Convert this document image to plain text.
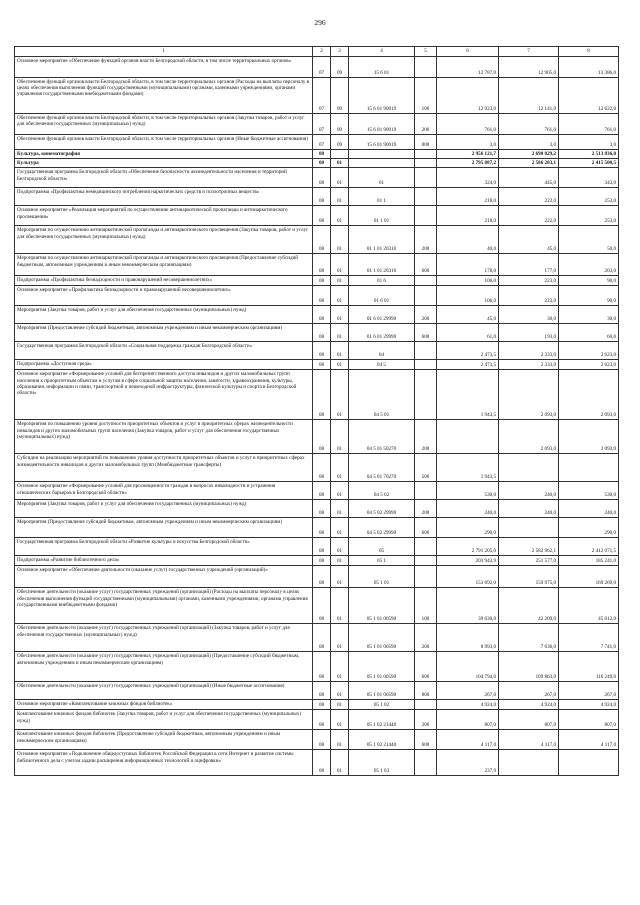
296
1	2	3	4	5	6	7	8
Основное мероприятие «Обеспечение функций органов власти Белгородской области, в том числе территориальных органов»	07	09	15 6 01		12 787,0	12 905,0	13 386,0
Обеспечение функций органов власти Белгородской области, в том числе территориальных органов (Расходы на выплаты персоналу в целях обеспечения выполнения функций государственными (муниципальными) органами, казенными учреждениями, органами управления государственными внебюджетными фондами)	07	09	15 6 01 90019	100	12 023,0	12 141,0	12 622,0
Обеспечение функций органов власти Белгородской области, в том числе территориальных органов (Закупка товаров, работ и услуг для обеспечения государственных (муниципальных) нужд)	07	09	15 6 01 90019	200	761,0	761,0	761,0
Обеспечение функций органов власти Белгородской области, в том числе территориальных органов (Иные бюджетные ассигнования)	07	09	15 6 01 90019	800	3,0	3,0	3,0
Культура, кинематография	08				2 956 121,7	2 690 029,2	2 513 836,0
Культура	08	01			2 795 887,2	2 586 203,1	2 415 500,5
Государственная программа Белгородской области «Обеспечение безопасности жизнедеятельности населения и территорий Белгородской области»	08	01	01		324,0	445,0	343,0
Подпрограмма «Профилактика немедицинского потребления наркотических средств и психотропных веществ»	08	01	01 1		218,0	222,0	253,0
Основное мероприятие «Реализация мероприятий по осуществлению антинаркотической пропаганды и антинаркотического просвещения»	08	01	01 1 01		218,0	222,0	253,0
Мероприятия по осуществлению антинаркотической пропаганды и антинаркотического просвещения (Закупка товаров, работ и услуг для обеспечения государственных (муниципальных) нужд)	08	01	01 1 01 20310	200	40,0	45,0	50,0
Мероприятия по осуществлению антинаркотической пропаганды и антинаркотического просвещения (Предоставление субсидий бюджетным, автономным учреждениям и иным некоммерческим организациям)	08	01	01 1 01 20310	600	178,0	177,0	203,0
Подпрограмма «Профилактика безнадзорности и правонарушений несовершеннолетних»	08	01	01 6		106,0	223,0	90,0
Основное мероприятие «Профилактика безнадзорности и правонарушений несовершеннолетних»	08	01	01 6 01		106,0	223,0	90,0
Мероприятия (Закупка товаров, работ и услуг для обеспечения государственных (муниципальных) нужд)	08	01	01 6 01 29990	200	45,0	30,0	30,0
Мероприятия (Предоставление субсидий бюджетным, автономным учреждениям и иным некоммерческим организациям)	08	01	01 6 01 29990	600	61,0	193,0	60,0
Государственная программа Белгородской области «Социальная поддержка граждан Белгородской области»	08	01	04		2 473,5	2 333,0	2 623,0
Подпрограмма «Доступная среда»	08	01	04 5		2 473,5	2 333,0	2 623,0
Основное мероприятие «Формирование условий для беспрепятственного доступа инвалидов и других маломобильных групп населения к приоритетным объектам и услугам в сфере социальной защиты населения, занятости, здравоохранения, культуры, образования, информации и связи, транспортной и пешеходной инфраструктуры, физической культуры и спорта в Белгородской области»	08	01	04 5 01		1 943,5	2 093,0	2 093,0
Мероприятия по повышению уровня доступности приоритетных объектов и услуг в приоритетных сферах жизнедеятельности инвалидов и других маломобильных групп населения (Закупка товаров, работ и услуг для обеспечения государственных (муниципальных) нужд)	08	01	04 5 01 50270	200		2 093,0	2 093,0
Субсидии на реализацию мероприятий по повышению уровня доступности приоритетных объектов и услуг в приоритетных сферах жизнедеятельности инвалидов и других маломобильных групп (Межбюджетные трансферты)	08	01	04 5 01 70270	500	1 943,5		
Основное мероприятие «Формирование условий для просвещенности граждан в вопросах инвалидности и устранения отношенческих барьеров в Белгородской области»	08	01	04 5 02		530,0	240,0	530,0
Мероприятия (Закупка товаров, работ и услуг для обеспечения государственных (муниципальных) нужд)	08	01	04 5 02 29990	200	240,0	240,0	240,0
Мероприятия (Предоставление субсидий бюджетным, автономным учреждениям и иным некоммерческим организациям)	08	01	04 5 02 29990	600	290,0		290,0
Государственная программа Белгородской области «Развитие культуры и искусства Белгородской области»	08	01	05		2 791 205,0	2 582 962,1	2 412 071,5
Подпрограмма «Развитие библиотечного дела»	08	01	05 1		203 943,9	251 577,0	185 241,0
Основное мероприятие «Обеспечение деятельности (оказание услуг) государственных учреждений (организаций)»	08	01	05 1 01		153 692,0	159 975,0	169 269,0
Обеспечение деятельности (оказание услуг) государственных учреждений (организаций) (Расходы на выплаты персоналу в целях обеспечения выполнения функций государственными (муниципальными) органами, казенными учреждениями, органами управления государственными внебюджетными фондами)	08	01	05 1 01 00590	100	39 636,0	42 209,0	45 012,0
Обеспечение деятельности (оказание услуг) государственных учреждений (организаций) (Закупка товаров, работ и услуг для обеспечения государственных (муниципальных) нужд)	08	01	05 1 01 00590	200	8 993,0	7 636,0	7 741,0
Обеспечение деятельности (оказание услуг) государственных учреждений (организаций) (Предоставление субсидий бюджетным, автономным учреждениям и иным некоммерческим организациям)	08	01	05 1 01 00590	600	104 794,0	109 863,0	116 249,0
Обеспечение деятельности (оказание услуг) государственных учреждений (организаций) (Иные бюджетные ассигнования)	08	01	05 1 01 00590	800	267,0	267,0	267,0
Основное мероприятие «Комплектование книжных фондов библиотек»	08	01	05 1 02		4 924,0	4 924,0	4 924,0
Комплектование книжных фондов библиотек (Закупка товаров, работ и услуг для обеспечения государственных (муниципальных) нужд)	08	01	05 1 02 21440	200	807,0	807,0	807,0
Комплектование книжных фондов библиотек (Предоставление субсидий бюджетным, автономным учреждениям и иным некоммерческим организациям)	08	01	05 1 02 21440	600	4 117,0	4 117,0	4 117,0
Основное мероприятие «Подключение общедоступных библиотек Российской Федерации к сети Интернет и развитие системы библиотечного дела с учетом задачи расширения информационных технологий и оцифровки»	08	01	05 1 03		237,9		
